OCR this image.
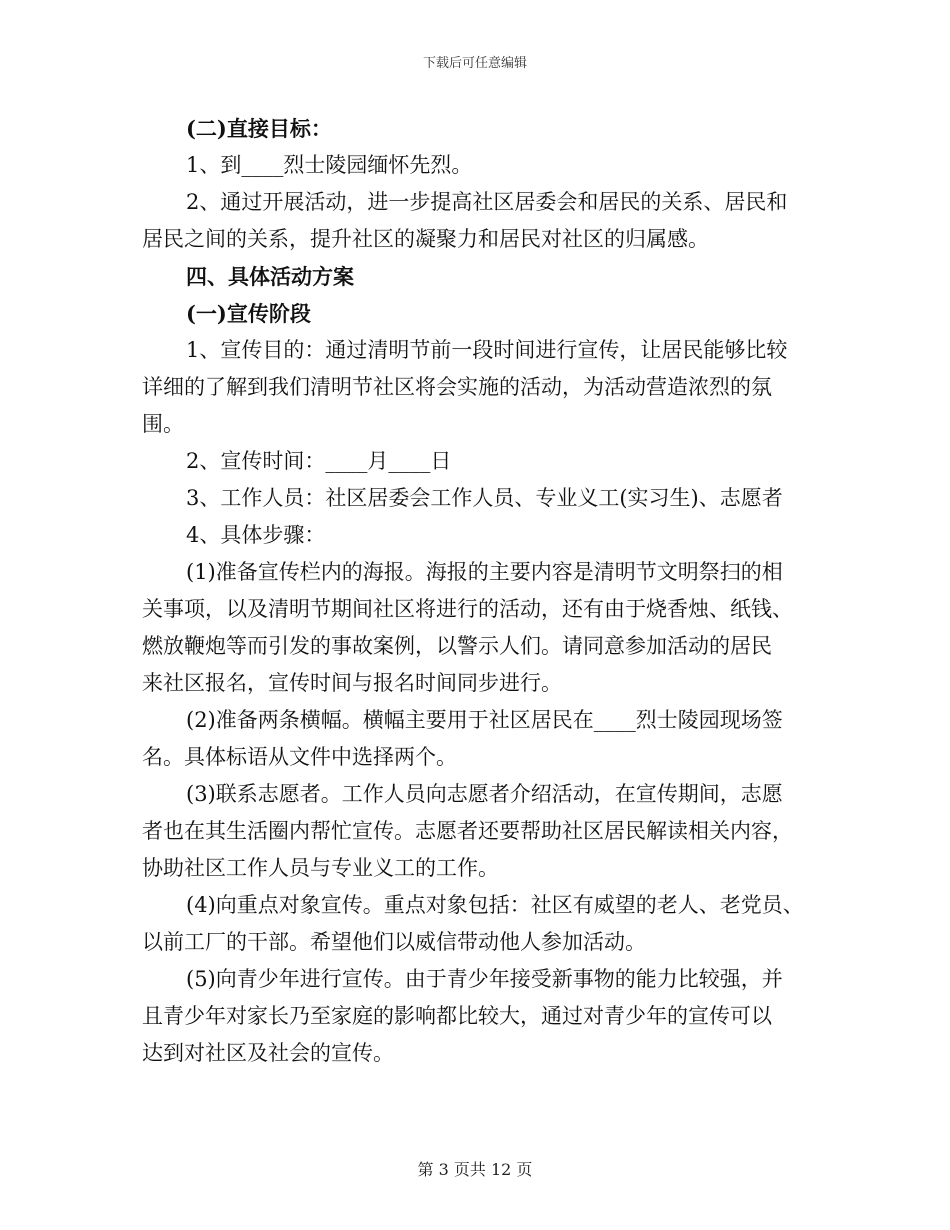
下载后可任意编辑
(二)直接目标：
1、到____烈士陵园缅怀先烈。
2、通过开展活动，进一步提高社区居委会和居民的关系、居民和
居民之间的关系，提升社区的凝聚力和居民对社区的归属感。
四、具体活动方案
(一)宣传阶段
1、宣传目的：通过清明节前一段时间进行宣传，让居民能够比较
详细的了解到我们清明节社区将会实施的活动，为活动营造浓烈的氛
围。
2、宣传时间：____月____日
3、工作人员：社区居委会工作人员、专业义工(实习生)、志愿者
4、具体步骤：
(1)准备宣传栏内的海报。海报的主要内容是清明节文明祭扫的相
关事项，以及清明节期间社区将进行的活动，还有由于烧香烛、纸钱、
燃放鞭炮等而引发的事故案例，以警示人们。请同意参加活动的居民
来社区报名，宣传时间与报名时间同步进行。
(2)准备两条横幅。横幅主要用于社区居民在____烈士陵园现场签
名。具体标语从文件中选择两个。
(3)联系志愿者。工作人员向志愿者介绍活动，在宣传期间，志愿
者也在其生活圈内帮忙宣传。志愿者还要帮助社区居民解读相关内容，
协助社区工作人员与专业义工的工作。
(4)向重点对象宣传。重点对象包括：社区有威望的老人、老党员、
以前工厂的干部。希望他们以威信带动他人参加活动。
(5)向青少年进行宣传。由于青少年接受新事物的能力比较强，并
且青少年对家长乃至家庭的影响都比较大，通过对青少年的宣传可以
达到对社区及社会的宣传。
第 3 页共 12 页
